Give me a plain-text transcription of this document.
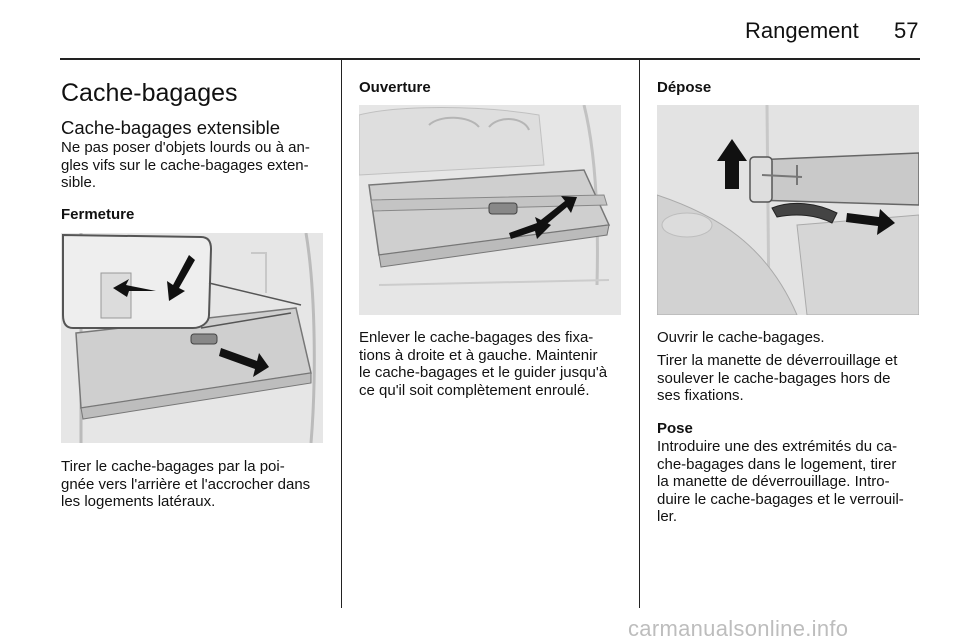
Rangement 57
Cache-bagages
Cache-bagages extensible
Ne pas poser d'objets lourds ou à an-
gles vifs sur le cache-bagages exten-
sible.
Fermeture
Tirer le cache-bagages par la poi-
gnée vers l'arrière et l'accrocher dans
les logements latéraux.
Ouverture
Enlever le cache-bagages des fixa-
tions à droite et à gauche. Maintenir
le cache-bagages et le guider jusqu'à
ce qu'il soit complètement enroulé.
Dépose
Ouvrir le cache-bagages.
Tirer la manette de déverrouillage et
soulever le cache-bagages hors de
ses fixations.
Pose
Introduire une des extrémités du ca-
che-bagages dans le logement, tirer
la manette de déverrouillage. Intro-
duire le cache-bagages et le verrouil-
ler.
carmanualsonline.info
